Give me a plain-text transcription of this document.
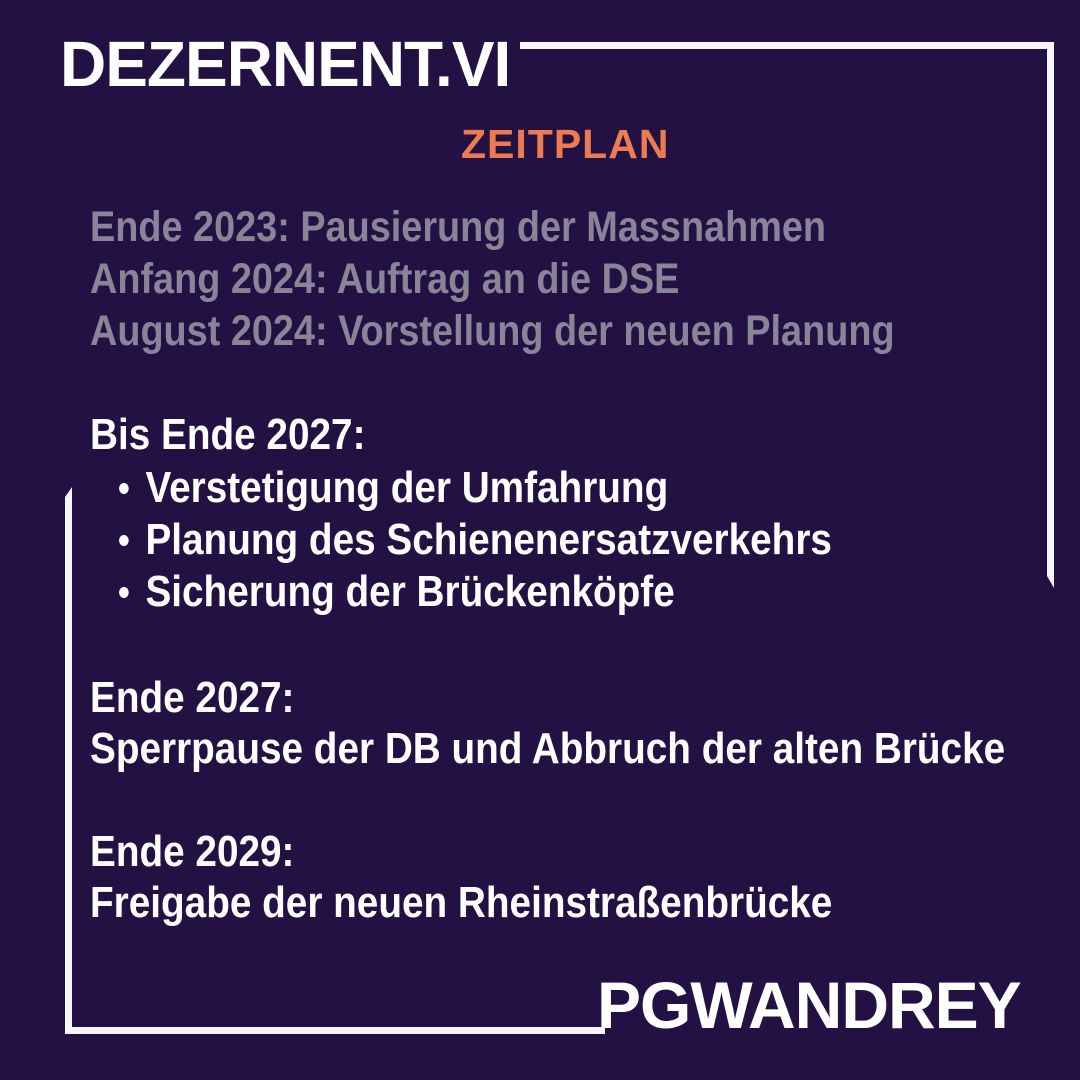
DEZERNENT.VI
ZEITPLAN
Ende 2023: Pausierung der Massnahmen
Anfang 2024: Auftrag an die DSE
August 2024: Vorstellung der neuen Planung
Bis Ende 2027:
Verstetigung der Umfahrung
Planung des Schienenersatzverkehrs
Sicherung der Brückenköpfe
Ende 2027:
Sperrpause der DB und Abbruch der alten Brücke
Ende 2029:
Freigabe der neuen Rheinstraßenbrücke
PGWANDREY
